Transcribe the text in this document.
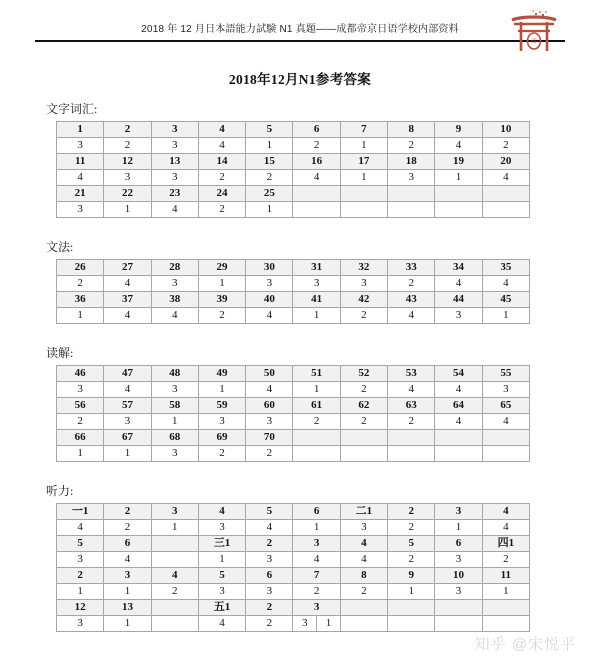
2018 年 12 月日本語能力試験 N1 真題——成都帝京日语学校内部资料
帝
2018年12月N1参考答案
文字词汇:
1	2	3	4	5	6	7	8	9	10
3	2	3	4	1	2	1	2	4	2
11	12	13	14	15	16	17	18	19	20
4	3	3	2	2	4	1	3	1	4
21	22	23	24	25					
3	1	4	2	1					
文法:
26	27	28	29	30	31	32	33	34	35
2	4	3	1	3	3	3	2	4	4
36	37	38	39	40	41	42	43	44	45
1	4	4	2	4	1	2	4	3	1
读解:
46	47	48	49	50	51	52	53	54	55
3	4	3	1	4	1	2	4	4	3
56	57	58	59	60	61	62	63	64	65
2	3	1	3	3	2	2	2	4	4
66	67	68	69	70					
1	1	3	2	2					
听力:
一1	2	3	4	5	6	二1	2	3	4
4	2	1	3	4	1	3	2	1	4
5	6		三1	2	3	4	5	6	四1
3	4		1	3	4	4	2	3	2
2	3	4	5	6	7	8	9	10	11
1	1	2	3	3	2	2	1	3	1
12	13		五1	2	3				
3	1		4	2	3 1				

知乎 @宋悦平
